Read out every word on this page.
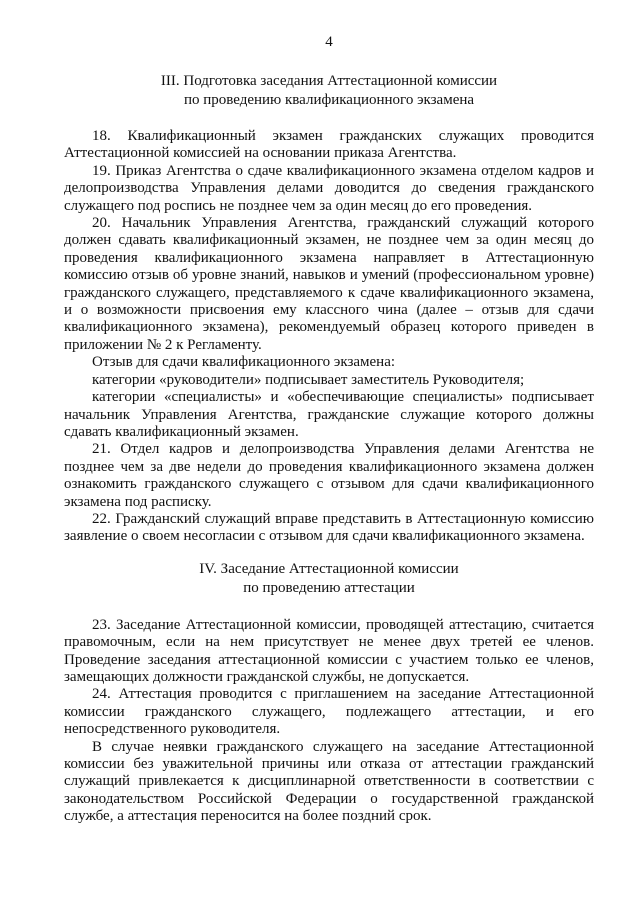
4
III. Подготовка заседания Аттестационной комиссии
по проведению квалификационного экзамена

18. Квалификационный экзамен гражданских служащих проводится Аттестационной комиссией на основании приказа Агентства.

19. Приказ Агентства о сдаче квалификационного экзамена отделом кадров и делопроизводства Управления делами доводится до сведения гражданского служащего под роспись не позднее чем за один месяц до его проведения.

20. Начальник Управления Агентства, гражданский служащий которого должен сдавать квалификационный экзамен, не позднее чем за один месяц до проведения квалификационного экзамена направляет в Аттестационную комиссию отзыв об уровне знаний, навыков и умений (профессиональном уровне) гражданского служащего, представляемого к сдаче квалификационного экзамена, и о возможности присвоения ему классного чина (далее – отзыв для сдачи квалификационного экзамена), рекомендуемый образец которого приведен в приложении № 2 к Регламенту.

Отзыв для сдачи квалификационного экзамена:

категории «руководители» подписывает заместитель Руководителя;

категории «специалисты» и «обеспечивающие специалисты» подписывает начальник Управления Агентства, гражданские служащие которого должны сдавать квалификационный экзамен.

21. Отдел кадров и делопроизводства Управления делами Агентства не позднее чем за две недели до проведения квалификационного экзамена должен ознакомить гражданского служащего с отзывом для сдачи квалификационного экзамена под расписку.

22. Гражданский служащий вправе представить в Аттестационную комиссию заявление о своем несогласии с отзывом для сдачи квалификационного экзамена.

IV. Заседание Аттестационной комиссии
по проведению аттестации

23. Заседание Аттестационной комиссии, проводящей аттестацию, считается правомочным, если на нем присутствует не менее двух третей ее членов. Проведение заседания аттестационной комиссии с участием только ее членов, замещающих должности гражданской службы, не допускается.

24. Аттестация проводится с приглашением на заседание Аттестационной комиссии гражданского служащего, подлежащего аттестации, и его непосредственного руководителя.

В случае неявки гражданского служащего на заседание Аттестационной комиссии без уважительной причины или отказа от аттестации гражданский служащий привлекается к дисциплинарной ответственности в соответствии с законодательством Российской Федерации о государственной гражданской службе, а аттестация переносится на более поздний срок.
